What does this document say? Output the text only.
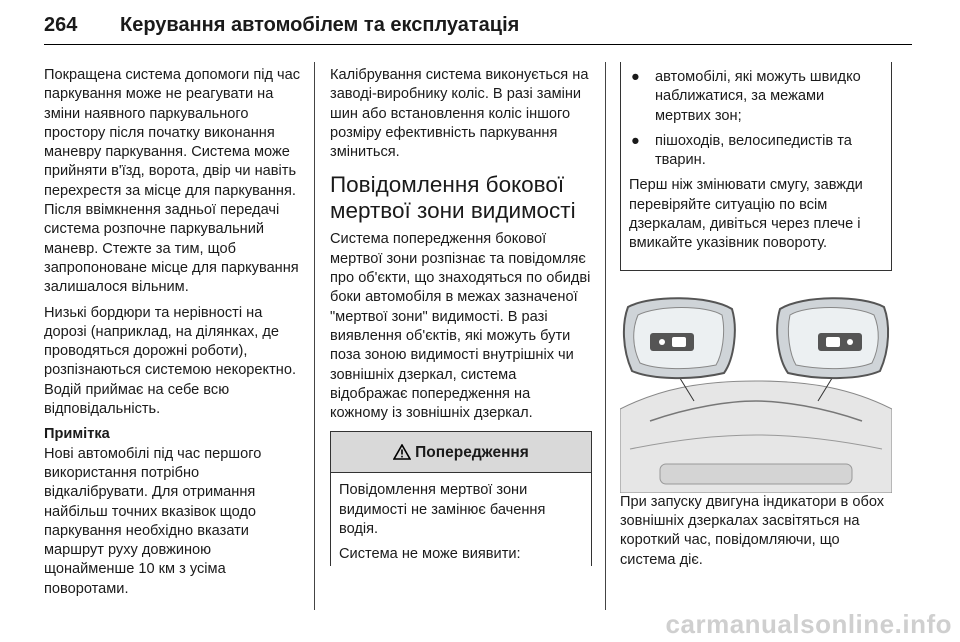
264 Керування автомобілем та експлуатація

Покращена система допомоги під час паркування може не реагувати на зміни наявного паркувального простору після початку виконання маневру паркування. Система може прийняти в'їзд, ворота, двір чи навіть перехрестя за місце для паркування. Після ввімкнення задньої передачі система розпочне паркувальний маневр. Стежте за тим, щоб запропоноване місце для паркування залишалося вільним.

Низькі бордюри та нерівності на дорозі (наприклад, на ділянках, де проводяться дорожні роботи), розпізнаються системою некоректно. Водій приймає на себе всю відповідальність.

Примітка

Нові автомобілі під час першого використання потрібно відкалібрувати. Для отримання найбільш точних вказівок щодо паркування необхідно вказати маршрут руху довжиною щонайменше 10 км з усіма поворотами.

Калібрування система виконується на заводі-виробнику коліс. В разі заміни шин або встановлення коліс іншого розміру ефективність паркування зміниться.

Повідомлення бокової мертвої зони видимості

Система попередження бокової мертвої зони розпізнає та повідомляє про об'єкти, що знаходяться по обидві боки автомобіля в межах зазначеної "мертвої зони" видимості. В разі виявлення об'єктів, які можуть бути поза зоною видимості внутрішніх чи зовнішніх дзеркал, система відображає попередження на кожному із зовнішніх дзеркал.

Попередження

Повідомлення мертвої зони видимості не замінює бачення водія.

Система не може виявити:

● автомобілі, які можуть швидко наближатися, за межами мертвих зон;
● пішоходів, велосипедистів та тварин.

Перш ніж змінювати смугу, завжди перевіряйте ситуацію по всім дзеркалам, дивіться через плече і вмикайте указівник повороту.

При запуску двигуна індикатори в обох зовнішніх дзеркалах засвітяться на короткий час, повідомляючи, що система діє.

carmanualsonline.info
